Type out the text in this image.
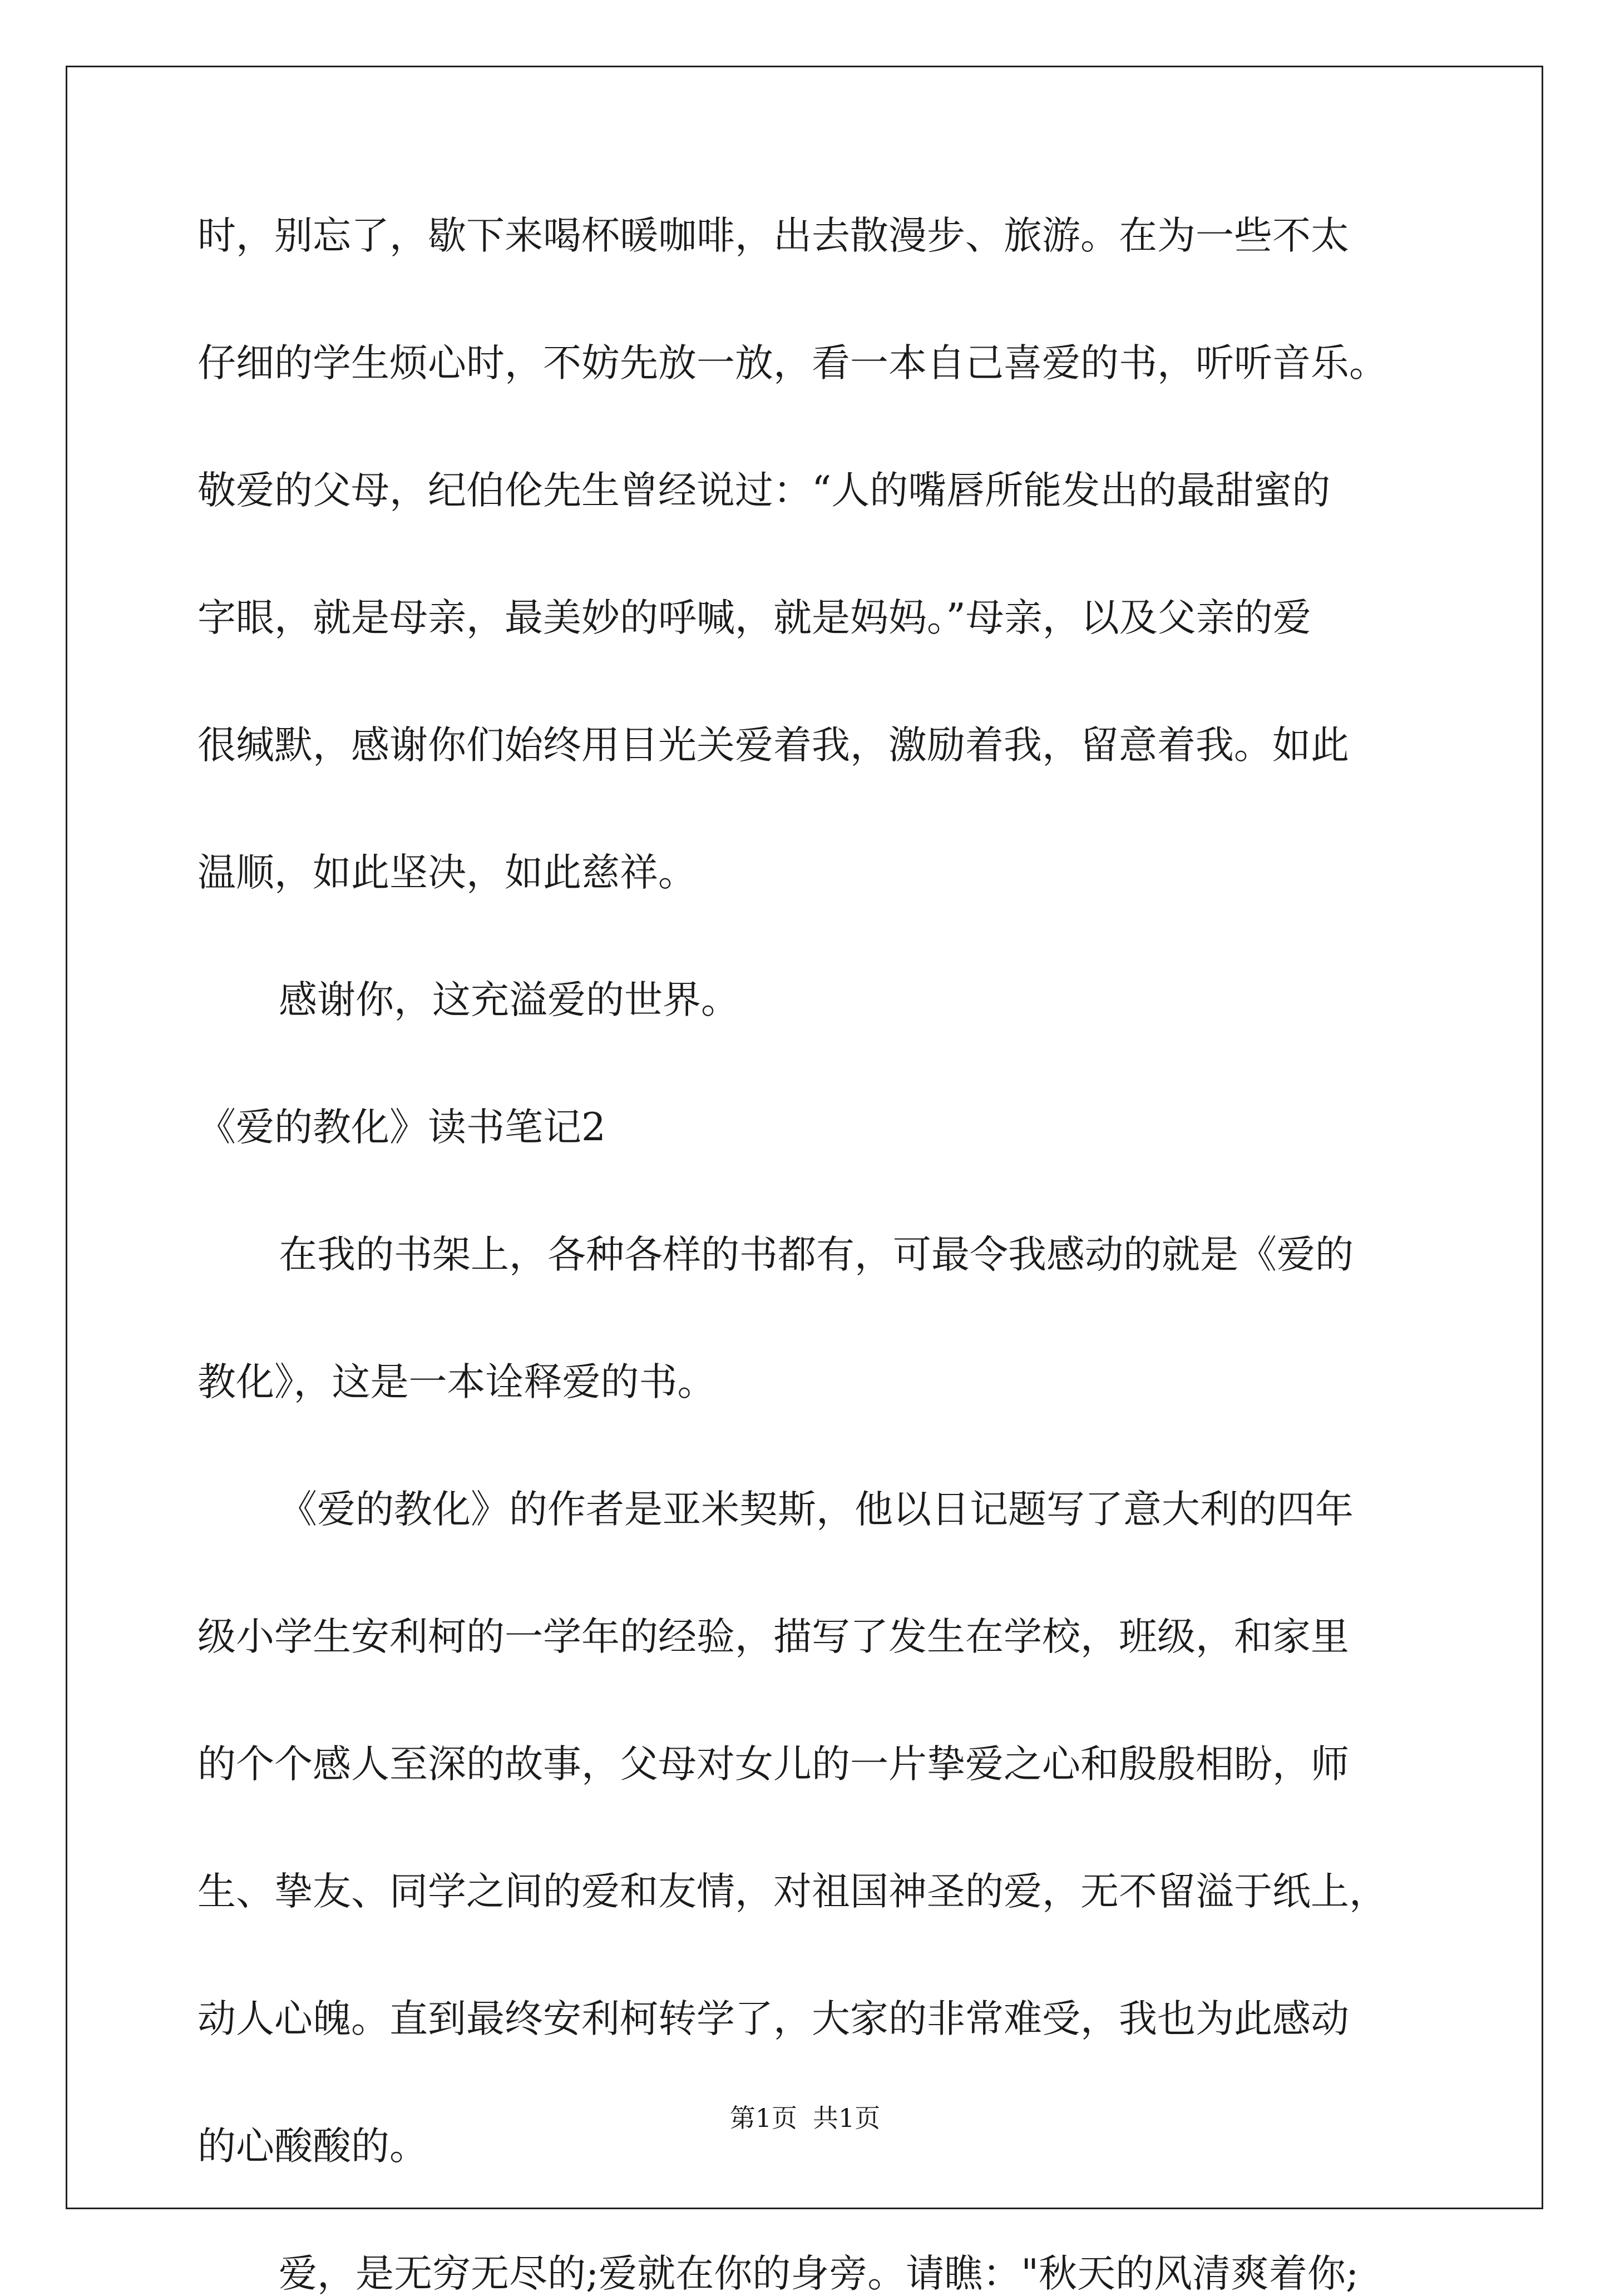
时，别忘了，歇下来喝杯暖咖啡，出去散漫步、旅游。在为一些不太
仔细的学生烦心时，不妨先放一放，看一本自己喜爱的书，听听音乐。
敬爱的父母，纪伯伦先生曾经说过：“人的嘴唇所能发出的最甜蜜的
字眼，就是母亲，最美妙的呼喊，就是妈妈。”母亲，以及父亲的爱
很缄默，感谢你们始终用目光关爱着我，激励着我，留意着我。如此
温顺，如此坚决，如此慈祥。
感谢你，这充溢爱的世界。
《爱的教化》读书笔记2
在我的书架上，各种各样的书都有，可最令我感动的就是《爱的
教化》，这是一本诠释爱的书。
《爱的教化》的作者是亚米契斯，他以日记题写了意大利的四年
级小学生安利柯的一学年的经验，描写了发生在学校，班级，和家里
的个个感人至深的故事，父母对女儿的一片挚爱之心和殷殷相盼，师
生、挚友、同学之间的爱和友情，对祖国神圣的爱，无不留溢于纸上，
动人心魄。直到最终安利柯转学了，大家的非常难受，我也为此感动
的心酸酸的。
爱，是无穷无尽的;爱就在你的身旁。请瞧："秋天的风清爽着你;
第1页 共1页
